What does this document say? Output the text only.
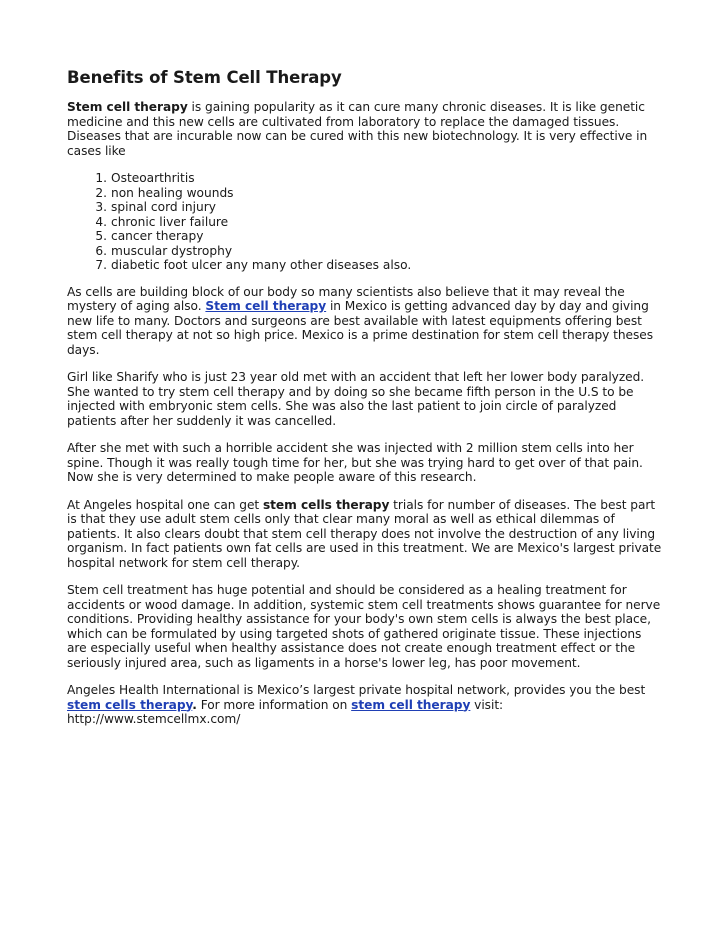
Benefits of Stem Cell Therapy

Stem cell therapy is gaining popularity as it can cure many chronic diseases. It is like genetic medicine and this new cells are cultivated from laboratory to replace the damaged tissues. Diseases that are incurable now can be cured with this new biotechnology. It is very effective in cases like

1. Osteoarthritis
2. non healing wounds
3. spinal cord injury
4. chronic liver failure
5. cancer therapy
6. muscular dystrophy
7. diabetic foot ulcer any many other diseases also.

As cells are building block of our body so many scientists also believe that it may reveal the mystery of aging also. Stem cell therapy in Mexico is getting advanced day by day and giving new life to many. Doctors and surgeons are best available with latest equipments offering best stem cell therapy at not so high price. Mexico is a prime destination for stem cell therapy theses days.

Girl like Sharify who is just 23 year old met with an accident that left her lower body paralyzed. She wanted to try stem cell therapy and by doing so she became fifth person in the U.S to be injected with embryonic stem cells. She was also the last patient to join circle of paralyzed patients after her suddenly it was cancelled.

After she met with such a horrible accident she was injected with 2 million stem cells into her spine. Though it was really tough time for her, but she was trying hard to get over of that pain. Now she is very determined to make people aware of this research.

At Angeles hospital one can get stem cells therapy trials for number of diseases. The best part is that they use adult stem cells only that clear many moral as well as ethical dilemmas of patients. It also clears doubt that stem cell therapy does not involve the destruction of any living organism. In fact patients own fat cells are used in this treatment. We are Mexico's largest private hospital network for stem cell therapy.

Stem cell treatment has huge potential and should be considered as a healing treatment for accidents or wood damage. In addition, systemic stem cell treatments shows guarantee for nerve conditions. Providing healthy assistance for your body's own stem cells is always the best place, which can be formulated by using targeted shots of gathered originate tissue. These injections are especially useful when healthy assistance does not create enough treatment effect or the seriously injured area, such as ligaments in a horse's lower leg, has poor movement.

Angeles Health International is Mexico’s largest private hospital network, provides you the best stem cells therapy. For more information on stem cell therapy visit:
http://www.stemcellmx.com/
